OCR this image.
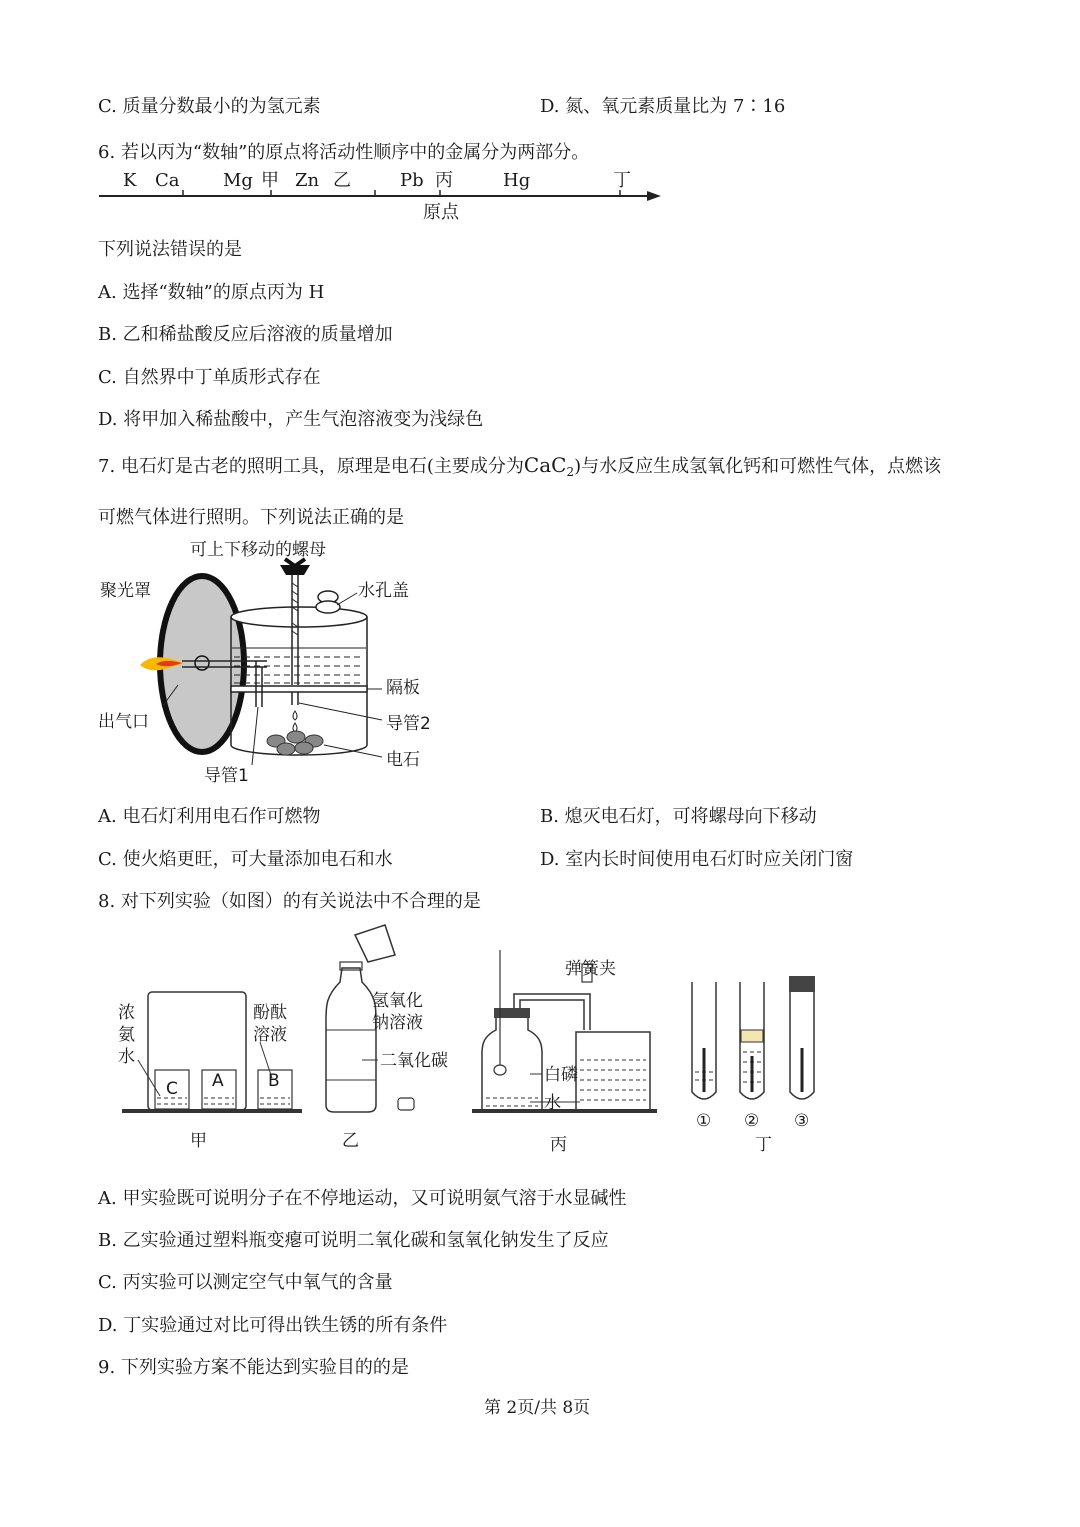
C. 质量分数最小的为氢元素	D. 氮、氧元素质量比为 7∶16
6. 若以丙为“数轴”的原点将活动性顺序中的金属分为两部分。
K Ca Mg 甲 Zn 乙	Pb 丙	Hg	丁
原点
下列说法错误的是
A. 选择“数轴”的原点丙为 H
B. 乙和稀盐酸反应后溶液的质量增加
C. 自然界中丁单质形式存在
D. 将甲加入稀盐酸中，产生气泡溶液变为浅绿色
7. 电石灯是古老的照明工具，原理是电石(主要成分为CaC$_2$)与水反应生成氢氧化钙和可燃性气体，点燃该
可燃气体进行照明。下列说法正确的是
可上下移动的螺母
聚光罩	水孔盖
隔板
出气口	导管2
电石
导管1
A. 电石灯利用电石作可燃物	B. 熄灭电石灯，可将螺母向下移动
C. 使火焰更旺，可大量添加电石和水	D. 室内长时间使用电石灯时应关闭门窗
8. 对下列实验（如图）的有关说法中不合理的是
浓
氨
水
酚酞
溶液
C A	B
甲
氢氧化
钠溶液
二氧化碳
乙
弹簧夹
白磷
水
丙
① ② ③
丁
A. 甲实验既可说明分子在不停地运动，又可说明氨气溶于水显碱性
B. 乙实验通过塑料瓶变瘪可说明二氧化碳和氢氧化钠发生了反应
C. 丙实验可以测定空气中氧气的含量
D. 丁实验通过对比可得出铁生锈的所有条件
9. 下列实验方案不能达到实验目的的是
第 2页/共 8页
